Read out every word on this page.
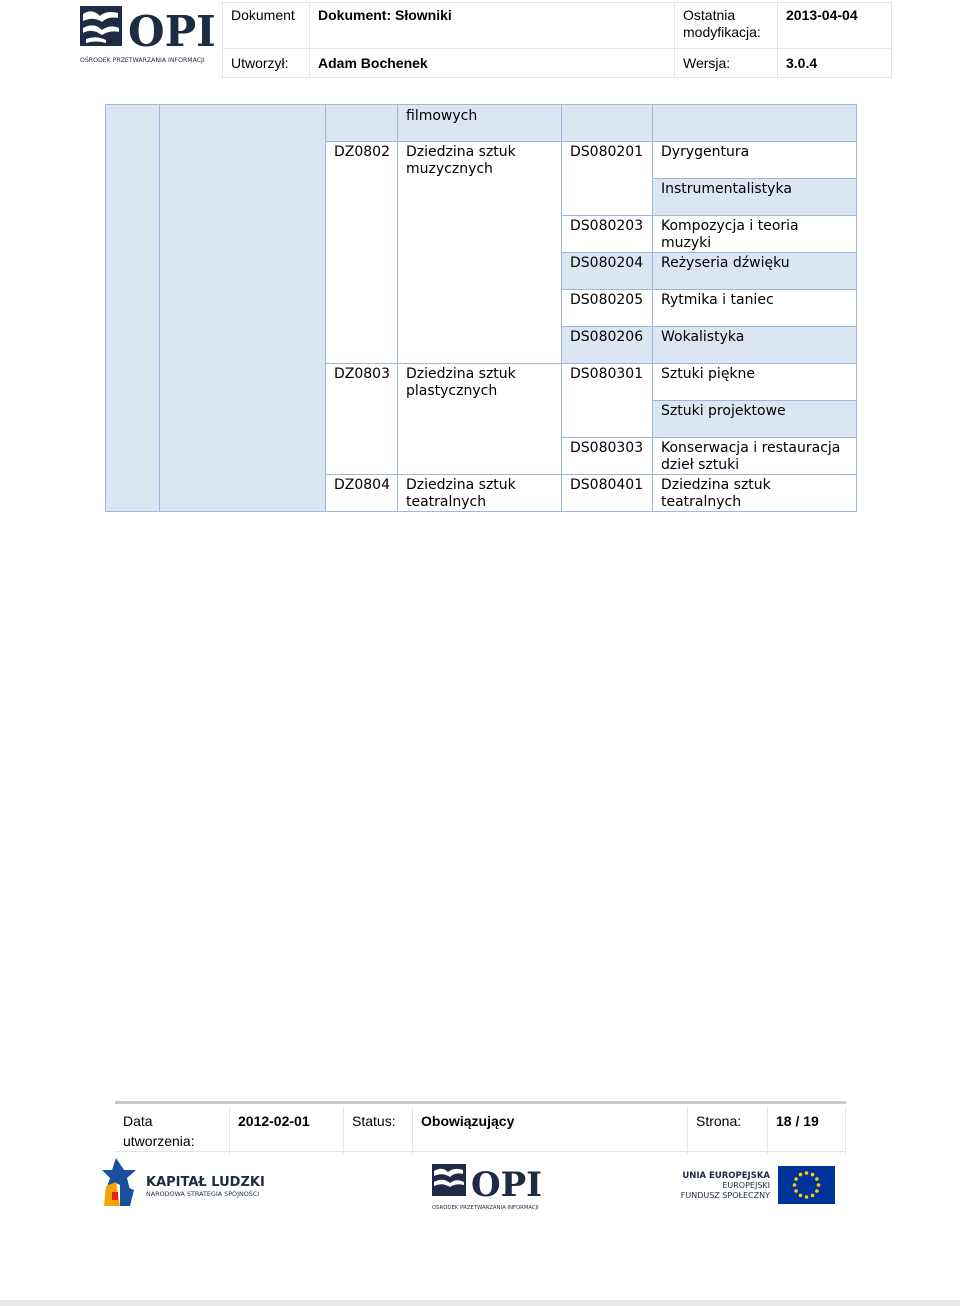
OPI
OŚRODEK PRZETWARZANIA INFORMACJI
Dokument	Dokument: Słowniki	Ostatnia modyfikacja:	2013-04-04
Utworzył:	Adam Bochenek	Wersja:	3.0.4
			filmowych		
		DZ0802	Dziedzina sztuk muzycznych	DS080201	Dyrygentura
					Instrumentalistyka
				DS080203	Kompozycja i teoria muzyki
				DS080204	Reżyseria dźwięku
				DS080205	Rytmika i taniec
				DS080206	Wokalistyka
		DZ0803	Dziedzina sztuk plastycznych	DS080301	Sztuki piękne
					Sztuki projektowe
				DS080303	Konserwacja i restauracja dzieł sztuki
		DZ0804	Dziedzina sztuk teatralnych	DS080401	Dziedzina sztuk teatralnych
Data utworzenia:	2012-02-01	Status:	Obowiązujący	Strona:	18 / 19
KAPITAŁ LUDZKI
NARODOWA STRATEGIA SPÓJNOŚCI	OPI
OŚRODEK PRZETWARZANIA INFORMACJI
UNIA EUROPEJSKA
EUROPEJSKI
FUNDUSZ SPOŁECZNY
